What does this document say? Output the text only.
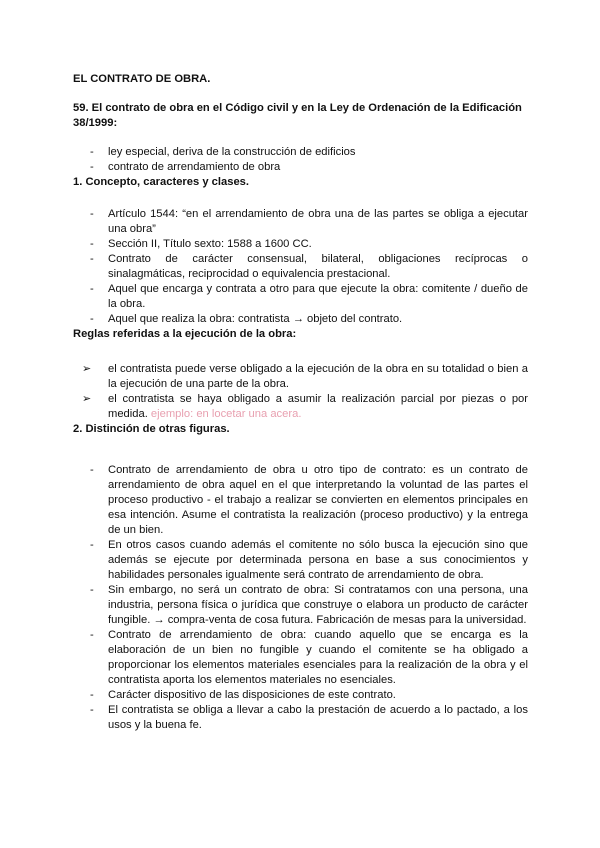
EL CONTRATO DE OBRA.

59. El contrato de obra en el Código civil y en la Ley de Ordenación de la Edificación 38/1999:

- ley especial, deriva de la construcción de edificios
- contrato de arrendamiento de obra

1. Concepto, caracteres y clases.

- Artículo 1544: “en el arrendamiento de obra una de las partes se obliga a ejecutar una obra”
- Sección II, Título sexto: 1588 a 1600 CC.
- Contrato de carácter consensual, bilateral, obligaciones recíprocas o sinalagmáticas, reciprocidad o equivalencia prestacional.
- Aquel que encarga y contrata a otro para que ejecute la obra: comitente / dueño de la obra.
- Aquel que realiza la obra: contratista → objeto del contrato.

Reglas referidas a la ejecución de la obra:

➢ el contratista puede verse obligado a la ejecución de la obra en su totalidad o bien a la ejecución de una parte de la obra.
➢ el contratista se haya obligado a asumir la realización parcial por piezas o por medida. ejemplo: en locetar una acera.

2. Distinción de otras figuras.

- Contrato de arrendamiento de obra u otro tipo de contrato: es un contrato de arrendamiento de obra aquel en el que interpretando la voluntad de las partes el proceso productivo - el trabajo a realizar se convierten en elementos principales en esa intención. Asume el contratista la realización (proceso productivo) y la entrega de un bien.
- En otros casos cuando además el comitente no sólo busca la ejecución sino que además se ejecute por determinada persona en base a sus conocimientos y habilidades personales igualmente será contrato de arrendamiento de obra.
- Sin embargo, no será un contrato de obra: Si contratamos con una persona, una industria, persona física o jurídica que construye o elabora un producto de carácter fungible. → compra-venta de cosa futura. Fabricación de mesas para la universidad.
- Contrato de arrendamiento de obra: cuando aquello que se encarga es la elaboración de un bien no fungible y cuando el comitente se ha obligado a proporcionar los elementos materiales esenciales para la realización de la obra y el contratista aporta los elementos materiales no esenciales.
- Carácter dispositivo de las disposiciones de este contrato.
- El contratista se obliga a llevar a cabo la prestación de acuerdo a lo pactado, a los usos y la buena fe.
